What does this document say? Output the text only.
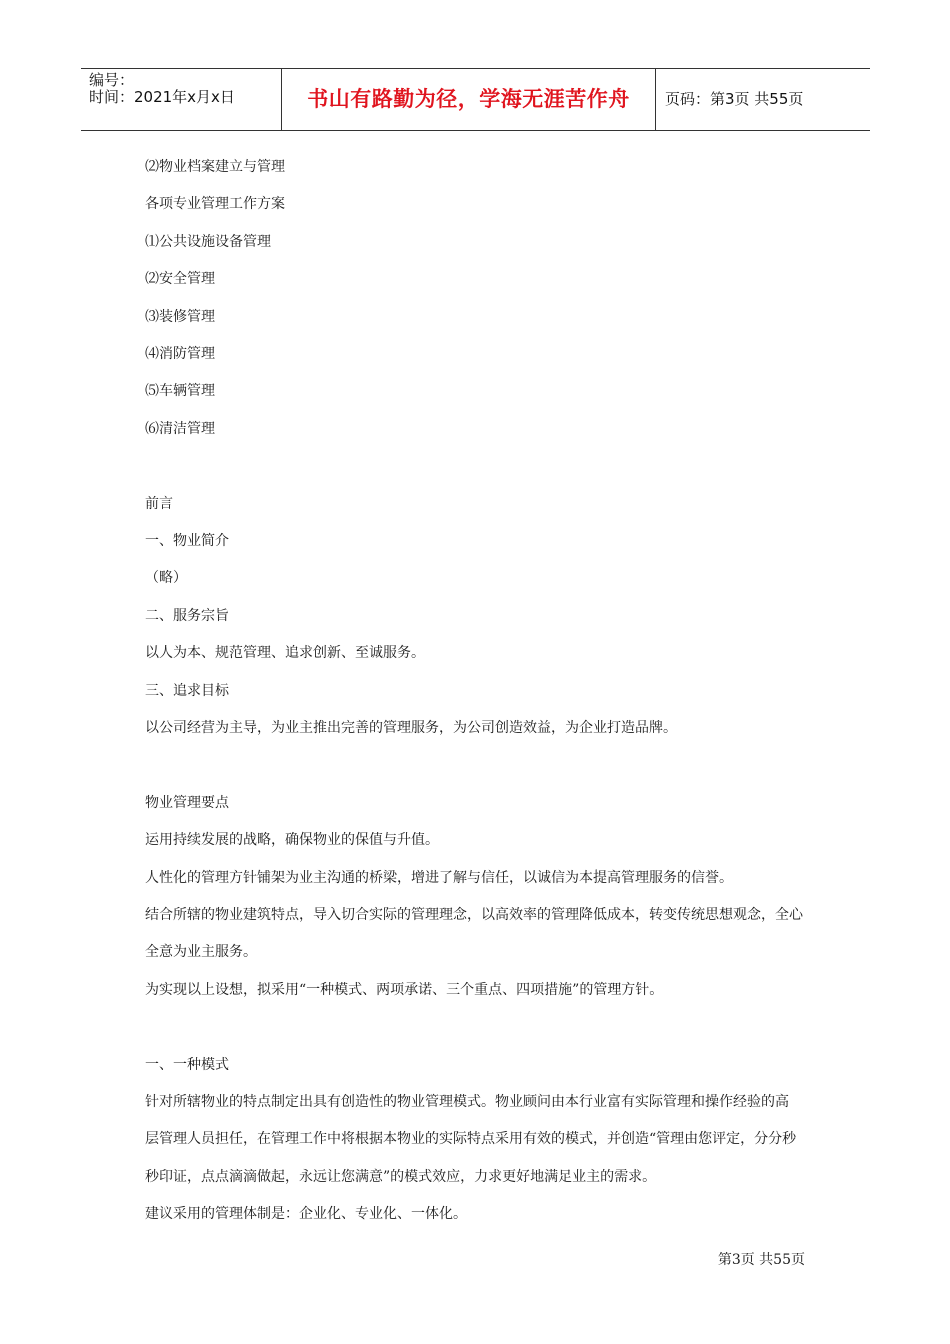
编号：
时间：2021年x月x日	书山有路勤为径，学海无涯苦作舟	页码：第3页 共55页
⑵物业档案建立与管理
各项专业管理工作方案
⑴公共设施设备管理
⑵安全管理
⑶装修管理
⑷消防管理
⑸车辆管理
⑹清洁管理
前言
一、物业简介
（略）
二、服务宗旨
以人为本、规范管理、追求创新、至诚服务。
三、追求目标
以公司经营为主导，为业主推出完善的管理服务，为公司创造效益，为企业打造品牌。
物业管理要点
运用持续发展的战略，确保物业的保值与升值。
人性化的管理方针铺架为业主沟通的桥梁，增进了解与信任，以诚信为本提高管理服务的信誉。
结合所辖的物业建筑特点，导入切合实际的管理理念，以高效率的管理降低成本，转变传统思想观念，全心
全意为业主服务。
为实现以上设想，拟采用“一种模式、两项承诺、三个重点、四项措施”的管理方针。
一、一种模式
针对所辖物业的特点制定出具有创造性的物业管理模式。物业顾问由本行业富有实际管理和操作经验的高
层管理人员担任，在管理工作中将根据本物业的实际特点采用有效的模式，并创造“管理由您评定，分分秒
秒印证，点点滴滴做起，永远让您满意”的模式效应，力求更好地满足业主的需求。
建议采用的管理体制是：企业化、专业化、一体化。
第3页 共55页
